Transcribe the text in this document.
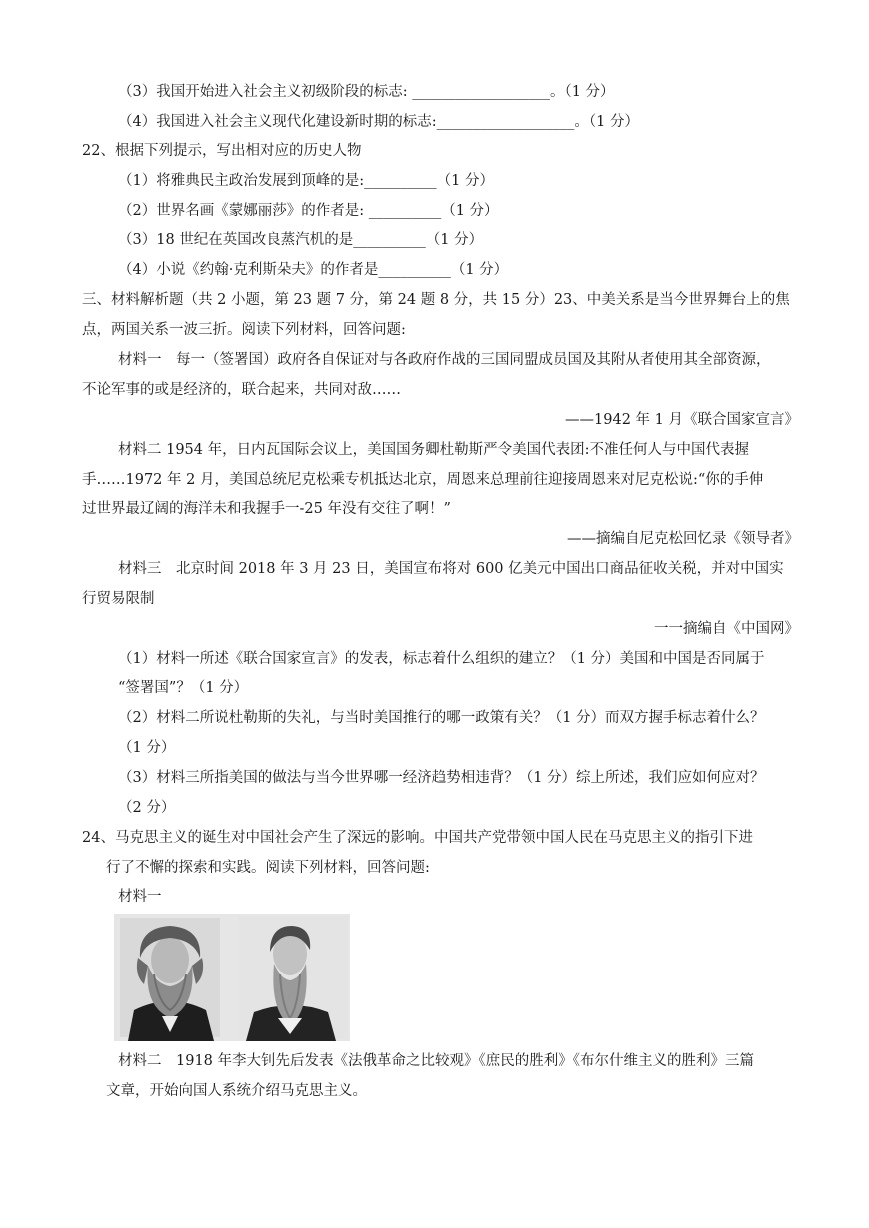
（3）我国开始进入社会主义初级阶段的标志: ___________________。（1 分）
（4）我国进入社会主义现代化建设新时期的标志:___________________。（1 分）
22、根据下列提示，写出相对应的历史人物
（1）将雅典民主政治发展到顶峰的是:__________（1 分）
（2）世界名画《蒙娜丽莎》的作者是: __________（1 分）
（3）18 世纪在英国改良蒸汽机的是__________（1 分）
（4）小说《约翰·克利斯朵夫》的作者是__________（1 分）
三、材料解析题（共 2 小题，第 23 题 7 分，第 24 题 8 分，共 15 分）23、中美关系是当今世界舞台上的焦
点，两国关系一波三折。阅读下列材料，回答问题:
材料一　每一（签署国）政府各自保证对与各政府作战的三国同盟成员国及其附从者使用其全部资源，
不论军事的或是经济的，联合起来，共同对敌……
——1942 年 1 月《联合国家宣言》
材料二 1954 年，日内瓦国际会议上，美国国务卿杜勒斯严令美国代表团:不准任何人与中国代表握
手……1972 年 2 月，美国总统尼克松乘专机抵达北京，周恩来总理前往迎接周恩来对尼克松说:“你的手伸
过世界最辽阔的海洋未和我握手一-25 年没有交往了啊！”
——摘编自尼克松回忆录《领导者》
材料三　北京时间 2018 年 3 月 23 日，美国宣布将对 600 亿美元中国出口商品征收关税，并对中国实
行贸易限制
一一摘编自《中国网》
（1）材料一所述《联合国家宣言》的发表，标志着什么组织的建立？（1 分）美国和中国是否同属于
“签署国”？（1 分）
（2）材料二所说杜勒斯的失礼，与当时美国推行的哪一政策有关？（1 分）而双方握手标志着什么？
（1 分）
（3）材料三所指美国的做法与当今世界哪一经济趋势相违背？（1 分）综上所述，我们应如何应对？
（2 分）
24、马克思主义的诞生对中国社会产生了深远的影响。中国共产党带领中国人民在马克思主义的指引下进
行了不懈的探索和实践。阅读下列材料，回答问题:
材料一
材料二　1918 年李大钊先后发表《法俄革命之比较观》《庶民的胜利》《布尔什维主义的胜利》三篇
文章，开始向国人系统介绍马克思主义。
